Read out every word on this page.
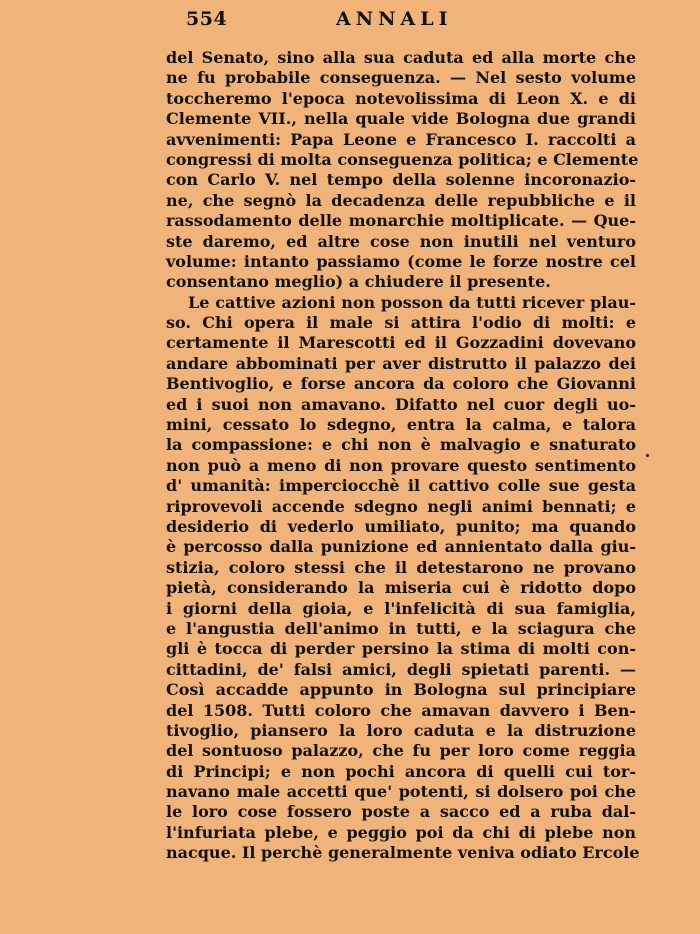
554	ANNALI
del Senato, sino alla sua caduta ed alla morte che
ne fu probabile conseguenza. — Nel sesto volume
toccheremo l'epoca notevolissima di Leon X. e di
Clemente VII., nella quale vide Bologna due grandi
avvenimenti: Papa Leone e Francesco I. raccolti a
congressi di molta conseguenza politica; e Clemente
con Carlo V. nel tempo della solenne incoronazio-
ne, che segnò la decadenza delle repubbliche e il
rassodamento delle monarchie moltiplicate. — Que-
ste daremo, ed altre cose non inutili nel venturo
volume: intanto passiamo (come le forze nostre cel
consentano meglio) a chiudere il presente.
Le cattive azioni non posson da tutti ricever plau-
so. Chi opera il male si attira l'odio di molti: e
certamente il Marescotti ed il Gozzadini dovevano
andare abbominati per aver distrutto il palazzo dei
Bentivoglio, e forse ancora da coloro che Giovanni
ed i suoi non amavano. Difatto nel cuor degli uo-
mini, cessato lo sdegno, entra la calma, e talora
la compassione: e chi non è malvagio e snaturato
non può a meno di non provare questo sentimento
d' umanità: imperciocchè il cattivo colle sue gesta
riprovevoli accende sdegno negli animi bennati; e
desiderio di vederlo umiliato, punito; ma quando
è percosso dalla punizione ed annientato dalla giu-
stizia, coloro stessi che il detestarono ne provano
pietà, considerando la miseria cui è ridotto dopo
i giorni della gioia, e l'infelicità di sua famiglia,
e l'angustia dell'animo in tutti, e la sciagura che
gli è tocca di perder persino la stima di molti con-
cittadini, de' falsi amici, degli spietati parenti. —
Così accadde appunto in Bologna sul principiare
del 1508. Tutti coloro che amavan davvero i Ben-
tivoglio, piansero la loro caduta e la distruzione
del sontuoso palazzo, che fu per loro come reggia
di Principi; e non pochi ancora di quelli cui tor-
navano male accetti que' potenti, si dolsero poi che
le loro cose fossero poste a sacco ed a ruba dal-
l'infuriata plebe, e peggio poi da chi di plebe non
nacque. Il perchè generalmente veniva odiato Ercole
